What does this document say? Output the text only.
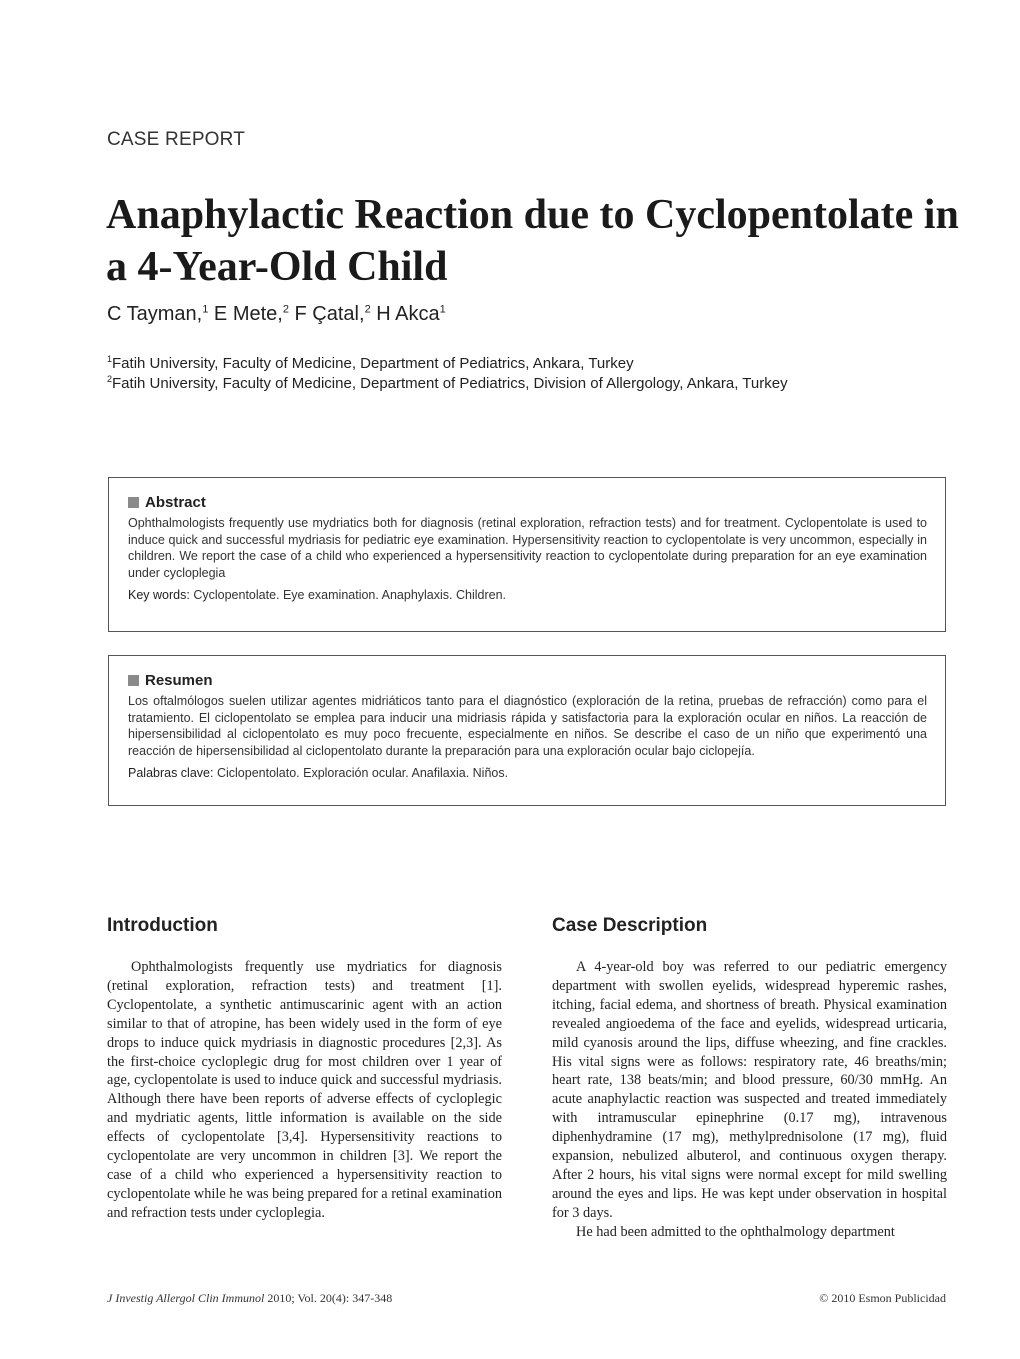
CASE REPORT
Anaphylactic Reaction due to Cyclopentolate in a 4-Year-Old Child
C Tayman,$^1$ E Mete,$^2$ F Çatal,$^2$ H Akca$^1$
$^1$Fatih University, Faculty of Medicine, Department of Pediatrics, Ankara, Turkey
$^2$Fatih University, Faculty of Medicine, Department of Pediatrics, Division of Allergology, Ankara, Turkey
Abstract

Ophthalmologists frequently use mydriatics both for diagnosis (retinal exploration, refraction tests) and for treatment. Cyclopentolate is used to induce quick and successful mydriasis for pediatric eye examination. Hypersensitivity reaction to cyclopentolate is very uncommon, especially in children. We report the case of a child who experienced a hypersensitivity reaction to cyclopentolate during preparation for an eye examination under cycloplegia

Key words: Cyclopentolate. Eye examination. Anaphylaxis. Children.
Resumen

Los oftalmólogos suelen utilizar agentes midriáticos tanto para el diagnóstico (exploración de la retina, pruebas de refracción) como para el tratamiento. El ciclopentolato se emplea para inducir una midriasis rápida y satisfactoria para la exploración ocular en niños. La reacción de hipersensibilidad al ciclopentolato es muy poco frecuente, especialmente en niños. Se describe el caso de un niño que experimentó una reacción de hipersensibilidad al ciclopentolato durante la preparación para una exploración ocular bajo ciclopejía.

Palabras clave: Ciclopentolato. Exploración ocular. Anafilaxia. Niños.
Introduction

Ophthalmologists frequently use mydriatics for diagnosis (retinal exploration, refraction tests) and treatment [1]. Cyclopentolate, a synthetic antimuscarinic agent with an action similar to that of atropine, has been widely used in the form of eye drops to induce quick mydriasis in diagnostic procedures [2,3]. As the first-choice cycloplegic drug for most children over 1 year of age, cyclopentolate is used to induce quick and successful mydriasis. Although there have been reports of adverse effects of cycloplegic and mydriatic agents, little information is available on the side effects of cyclopentolate [3,4]. Hypersensitivity reactions to cyclopentolate are very uncommon in children [3]. We report the case of a child who experienced a hypersensitivity reaction to cyclopentolate while he was being prepared for a retinal examination and refraction tests under cycloplegia.

Case Description

A 4-year-old boy was referred to our pediatric emergency department with swollen eyelids, widespread hyperemic rashes, itching, facial edema, and shortness of breath. Physical examination revealed angioedema of the face and eyelids, widespread urticaria, mild cyanosis around the lips, diffuse wheezing, and fine crackles. His vital signs were as follows: respiratory rate, 46 breaths/min; heart rate, 138 beats/min; and blood pressure, 60/30 mmHg. An acute anaphylactic reaction was suspected and treated immediately with intramuscular epinephrine (0.17 mg), intravenous diphenhydramine (17 mg), methylprednisolone (17 mg), fluid expansion, nebulized albuterol, and continuous oxygen therapy. After 2 hours, his vital signs were normal except for mild swelling around the eyes and lips. He was kept under observation in hospital for 3 days.

He had been admitted to the ophthalmology department

J Investig Allergol Clin Immunol 2010; Vol. 20(4): 347-348	© 2010 Esmon Publicidad
